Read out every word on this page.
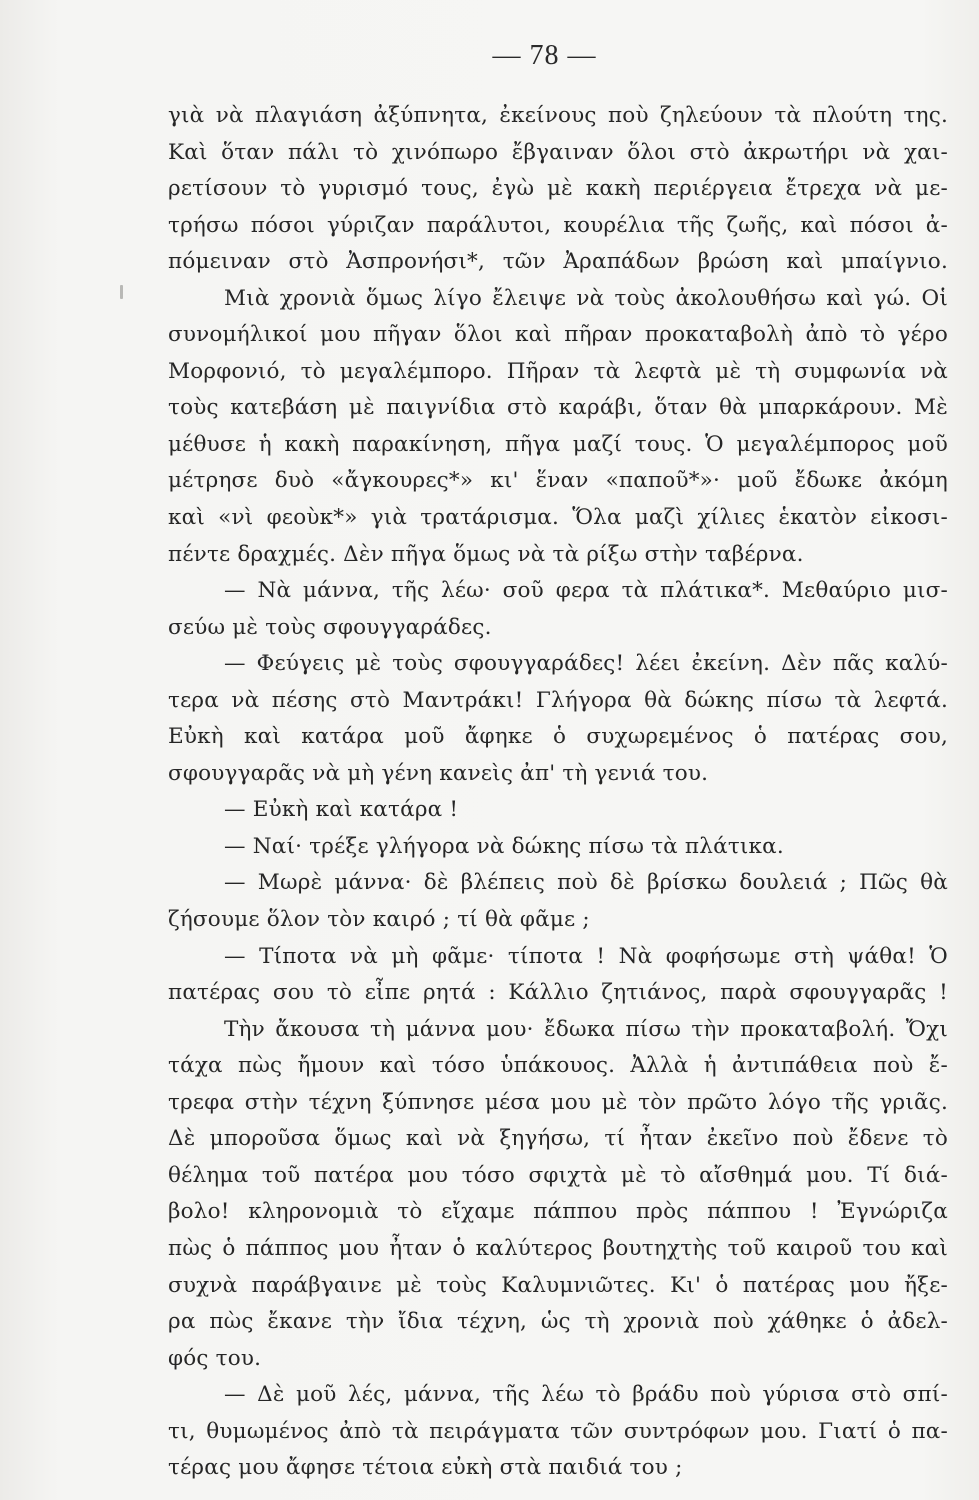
— 78 —
γιὰ νὰ πλαγιάση ἀξύπνητα, ἐκείνους ποὺ ζηλεύουν τὰ πλούτη της.
Καὶ ὅταν πάλι τὸ χινόπωρο ἔβγαιναν ὅλοι στὸ ἀκρωτήρι νὰ χαι-
ρετίσουν τὸ γυρισμό τους, ἐγὼ μὲ κακὴ περιέργεια ἔτρεχα νὰ με-
τρήσω πόσοι γύριζαν παράλυτοι, κουρέλια τῆς ζωῆς, καὶ πόσοι ἀ-
πόμειναν στὸ Ἀσπρονήσι*, τῶν Ἀραπάδων βρώση καὶ μπαίγνιο.
Μιὰ χρονιὰ ὅμως λίγο ἔλειψε νὰ τοὺς ἀκολουθήσω καὶ γώ. Οἱ
συνομήλικοί μου πῆγαν ὅλοι καὶ πῆραν προκαταβολὴ ἀπὸ τὸ γέρο
Μορφονιό, τὸ μεγαλέμπορο. Πῆραν τὰ λεφτὰ μὲ τὴ συμφωνία νὰ
τοὺς κατεβάση μὲ παιγνίδια στὸ καράβι, ὅταν θὰ μπαρκάρουν. Μὲ
μέθυσε ἡ κακὴ παρακίνηση, πῆγα μαζί τους. Ὁ μεγαλέμπορος μοῦ
μέτρησε δυὸ «ἄγκουρες*» κι' ἕναν «παποῦ*»· μοῦ ἔδωκε ἀκόμη
καὶ «νὶ φεοὺκ*» γιὰ τρατάρισμα. Ὅλα μαζὶ χίλιες ἑκατὸν εἰκοσι-
πέντε δραχμές. Δὲν πῆγα ὅμως νὰ τὰ ρίξω στὴν ταβέρνα.
— Νὰ μάννα, τῆς λέω· σοῦ φερα τὰ πλάτικα*. Μεθαύριο μισ-
σεύω μὲ τοὺς σφουγγαράδες.
— Φεύγεις μὲ τοὺς σφουγγαράδες! λέει ἐκείνη. Δὲν πᾶς καλύ-
τερα νὰ πέσης στὸ Μαντράκι! Γλήγορα θὰ δώκης πίσω τὰ λεφτά.
Εὐκὴ καὶ κατάρα μοῦ ἄφηκε ὁ συχωρεμένος ὁ πατέρας σου,
σφουγγαρᾶς νὰ μὴ γένη κανεὶς ἀπ' τὴ γενιά του.
— Εὐκὴ καὶ κατάρα !
— Ναί· τρέξε γλήγορα νὰ δώκης πίσω τὰ πλάτικα.
— Μωρὲ μάννα· δὲ βλέπεις ποὺ δὲ βρίσκω δουλειά ; Πῶς θὰ
ζήσουμε ὅλον τὸν καιρό ; τί θὰ φᾶμε ;
— Τίποτα νὰ μὴ φᾶμε· τίποτα ! Νὰ φοφήσωμε στὴ ψάθα! Ὁ
πατέρας σου τὸ εἶπε ρητά : Κάλλιο ζητιάνος, παρὰ σφουγγαρᾶς !
Τὴν ἄκουσα τὴ μάννα μου· ἔδωκα πίσω τὴν προκαταβολή. Ὄχι
τάχα πὼς ἤμουν καὶ τόσο ὑπάκουος. Ἀλλὰ ἡ ἀντιπάθεια ποὺ ἔ-
τρεφα στὴν τέχνη ξύπνησε μέσα μου μὲ τὸν πρῶτο λόγο τῆς γριᾶς.
Δὲ μποροῦσα ὅμως καὶ νὰ ξηγήσω, τί ἦταν ἐκεῖνο ποὺ ἔδενε τὸ
θέλημα τοῦ πατέρα μου τόσο σφιχτὰ μὲ τὸ αἴσθημά μου. Τί διά-
βολο! κληρονομιὰ τὸ εἴχαμε πάππου πρὸς πάππου ! Ἐγνώριζα
πὼς ὁ πάππος μου ἦταν ὁ καλύτερος βουτηχτὴς τοῦ καιροῦ του καὶ
συχνὰ παράβγαινε μὲ τοὺς Καλυμνιῶτες. Κι' ὁ πατέρας μου ἤξε-
ρα πὼς ἔκανε τὴν ἴδια τέχνη, ὡς τὴ χρονιὰ ποὺ χάθηκε ὁ ἀδελ-
φός του.
— Δὲ μοῦ λές, μάννα, τῆς λέω τὸ βράδυ ποὺ γύρισα στὸ σπί-
τι, θυμωμένος ἀπὸ τὰ πειράγματα τῶν συντρόφων μου. Γιατί ὁ πα-
τέρας μου ἄφησε τέτοια εὐκὴ στὰ παιδιά του ;
